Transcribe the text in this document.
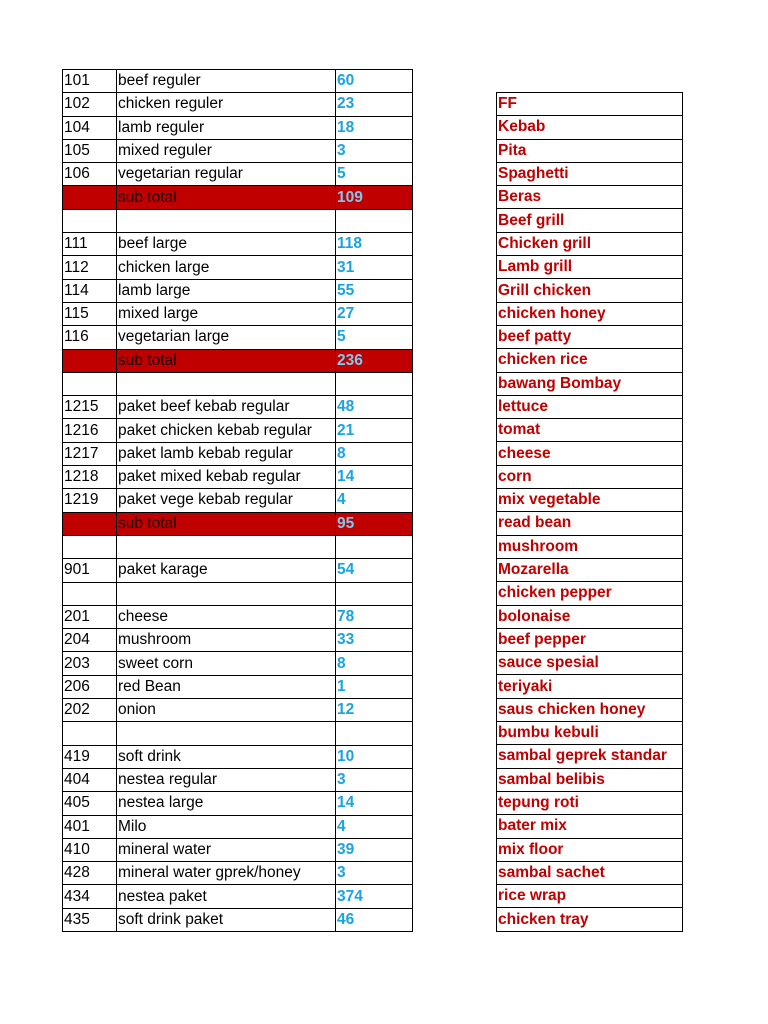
101	beef reguler	60
102	chicken reguler	23
104	lamb reguler	18
105	mixed reguler	3
106	vegetarian regular	5
	sub total	109

111	beef large	118
112	chicken large	31
114	lamb large	55
115	mixed large	27
116	vegetarian large	5
	sub total	236

1215	paket beef kebab regular	48
1216	paket chicken kebab regular	21
1217	paket lamb kebab regular	8
1218	paket mixed kebab regular	14
1219	paket vege kebab regular	4
	sub total	95

901	paket karage	54

201	cheese	78
204	mushroom	33
203	sweet corn	8
206	red Bean	1
202	onion	12

419	soft drink	10
404	nestea regular	3
405	nestea large	14
401	Milo	4
410	mineral water	39
428	mineral water gprek/honey	3
434	nestea paket	374
435	soft drink paket	46
FF
Kebab
Pita
Spaghetti
Beras
Beef grill
Chicken grill
Lamb grill
Grill chicken
chicken honey
beef patty
chicken rice
bawang Bombay
lettuce
tomat
cheese
corn
mix vegetable
read bean
mushroom
Mozarella
chicken pepper
bolonaise
beef pepper
sauce spesial
teriyaki
saus chicken honey
bumbu kebuli
sambal geprek standar
sambal belibis
tepung roti
bater mix
mix floor
sambal sachet
rice wrap
chicken tray
